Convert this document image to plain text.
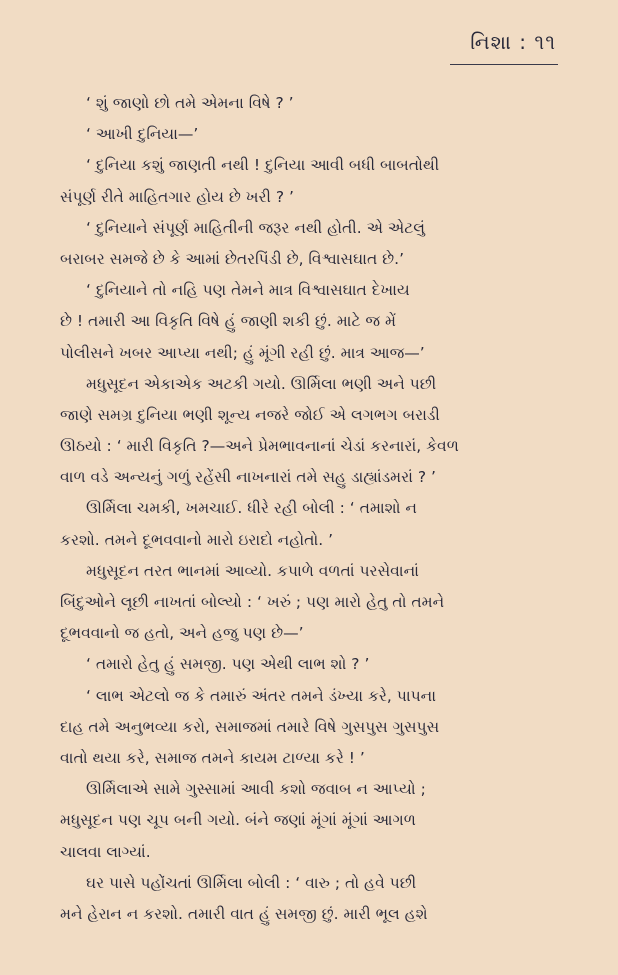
નિશા : ૧૧
‘ શું જાણો છો તમે એમના વિષે ? ’
‘ આખી દુનિયા—’
‘ દુનિયા કશું જાણતી નથી ! દુનિયા આવી બધી બાબતોથી
સંપૂર્ણ રીતે માહિતગાર હોય છે ખરી ? ’
‘ દુનિયાને સંપૂર્ણ માહિતીની જરૂર નથી હોતી. એ એટલું
બરાબર સમજે છે કે આમાં છેતરપિંડી છે, વિશ્વાસઘાત છે.’
‘ દુનિયાને તો નહિ પણ તેમને માત્ર વિશ્વાસઘાત દેખાય
છે ! તમારી આ વિકૃતિ વિષે હું જાણી શકી છું. માટે જ મેં
પોલીસને ખબર આપ્યા નથી; હું મૂંગી રહી છું. માત્ર આજ—’
મધુસૂદન એકાએક અટકી ગયો. ઊર્મિલા ભણી અને પછી
જાણે સમગ્ર દુનિયા ભણી શૂન્ય નજરે જોઈ એ લગભગ બરાડી
ઊઠયો : ‘ મારી વિકૃતિ ?—અને પ્રેમભાવનાનાં ચેડાં કરનારાં, કેવળ
વાળ વડે અન્યનું ગળું રહેંસી નાખનારાં તમે સહુ ડાહ્યાંડમરાં ? ’
ઊર્મિલા ચમકી, ખમચાઈ. ધીરે રહી બોલી : ‘ તમાશો ન
કરશો. તમને દૂભવવાનો મારો ઇરાદો નહોતો. ’
મધુસૂદન તરત ભાનમાં આવ્યો. કપાળે વળતાં પરસેવાનાં
બિંદુઓને લૂછી નાખતાં બોલ્યો : ‘ ખરું ; પણ મારો હેતુ તો તમને
દૂભવવાનો જ હતો, અને હજુ પણ છે—’
‘ તમારો હેતુ હું સમજી. પણ એથી લાભ શો ? ’
‘ લાભ એટલો જ કે તમારું અંતર તમને ડંખ્યા કરે, પાપના
દાહ તમે અનુભવ્યા કરો, સમાજમાં તમારે વિષે ગુસપુસ ગુસપુસ
વાતો થયા કરે, સમાજ તમને કાયમ ટાળ્યા કરે ! ’
ઊર્મિલાએ સામે ગુસ્સામાં આવી કશો જવાબ ન આપ્યો ;
મધુસૂદન પણ ચૂપ બની ગયો. બંને જણાં મૂંગાં મૂંગાં આગળ
ચાલવા લાગ્યાં.
ઘર પાસે પહોંચતાં ઊર્મિલા બોલી : ‘ વારુ ; તો હવે પછી
મને હેરાન ન કરશો. તમારી વાત હું સમજી છું. મારી ભૂલ હશે
